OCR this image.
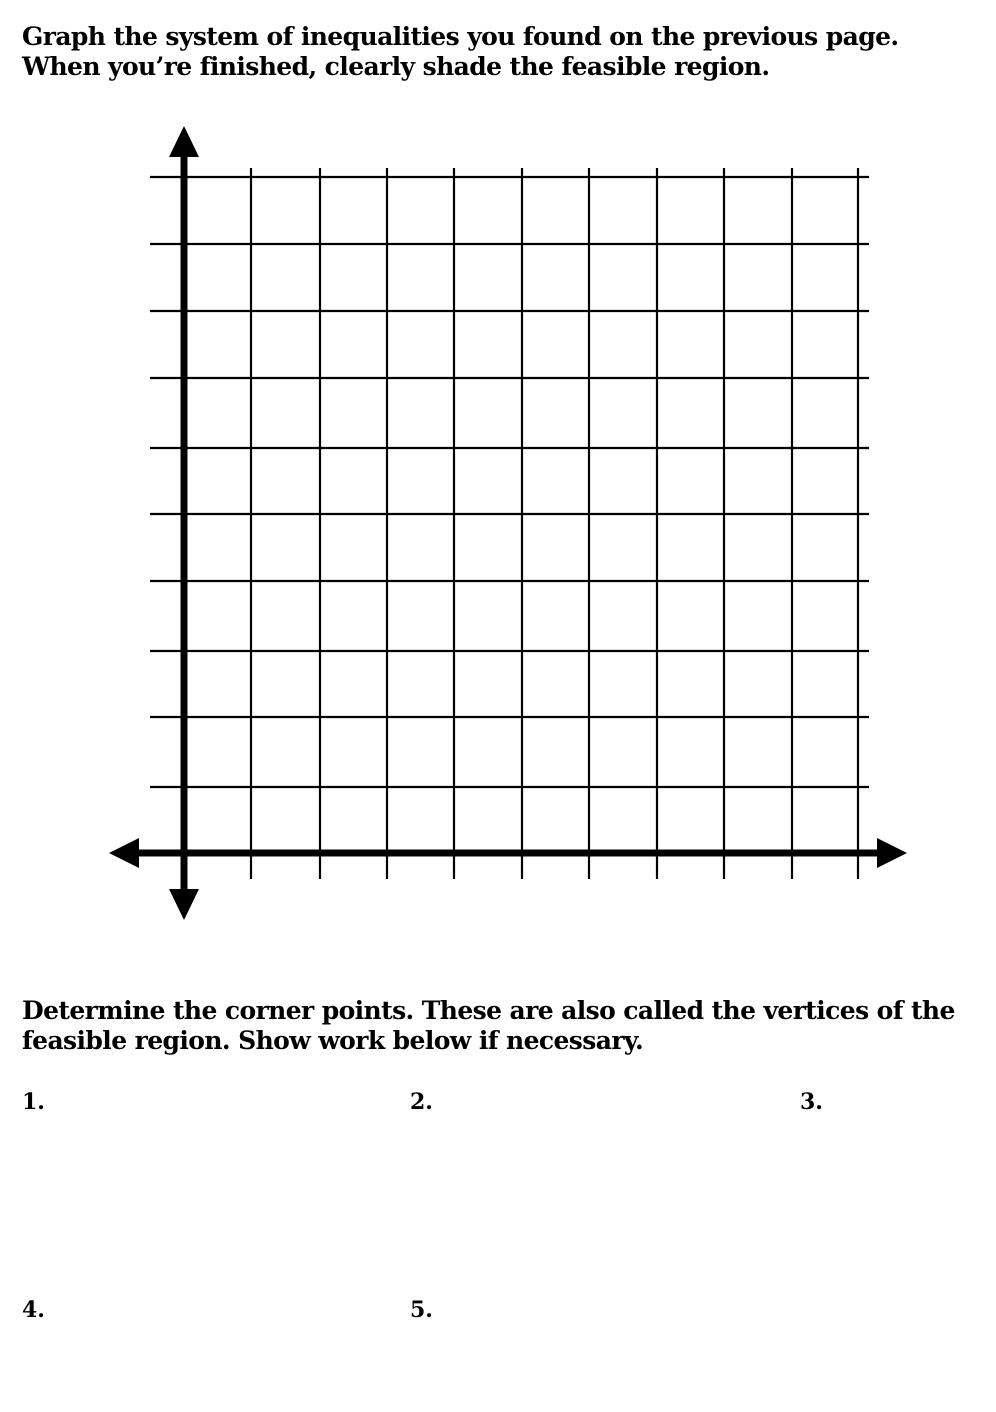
Graph the system of inequalities you found on the previous page.

When you’re finished, clearly shade the feasible region.

Determine the corner points. These are also called the vertices of the

feasible region. Show work below if necessary.

1.	2.	3.
4.	5.
